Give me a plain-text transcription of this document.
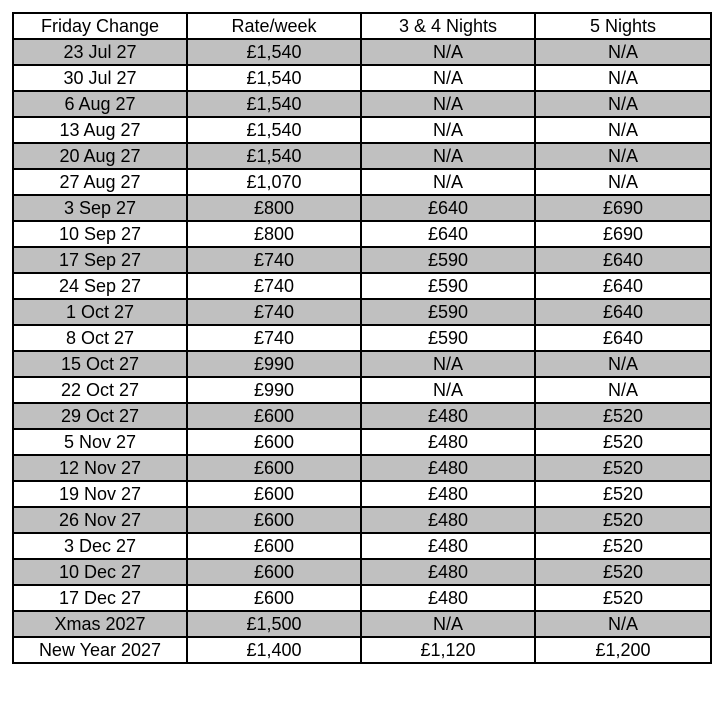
Friday Change	Rate/week	3 & 4 Nights	5 Nights
23 Jul 27	£1,540	N/A	N/A
30 Jul 27	£1,540	N/A	N/A
6 Aug 27	£1,540	N/A	N/A
13 Aug 27	£1,540	N/A	N/A
20 Aug 27	£1,540	N/A	N/A
27 Aug 27	£1,070	N/A	N/A
3 Sep 27	£800	£640	£690
10 Sep 27	£800	£640	£690
17 Sep 27	£740	£590	£640
24 Sep 27	£740	£590	£640
1 Oct 27	£740	£590	£640
8 Oct 27	£740	£590	£640
15 Oct 27	£990	N/A	N/A
22 Oct 27	£990	N/A	N/A
29 Oct 27	£600	£480	£520
5 Nov 27	£600	£480	£520
12 Nov 27	£600	£480	£520
19 Nov 27	£600	£480	£520
26 Nov 27	£600	£480	£520
3 Dec 27	£600	£480	£520
10 Dec 27	£600	£480	£520
17 Dec 27	£600	£480	£520
Xmas 2027	£1,500	N/A	N/A
New Year 2027	£1,400	£1,120	£1,200
